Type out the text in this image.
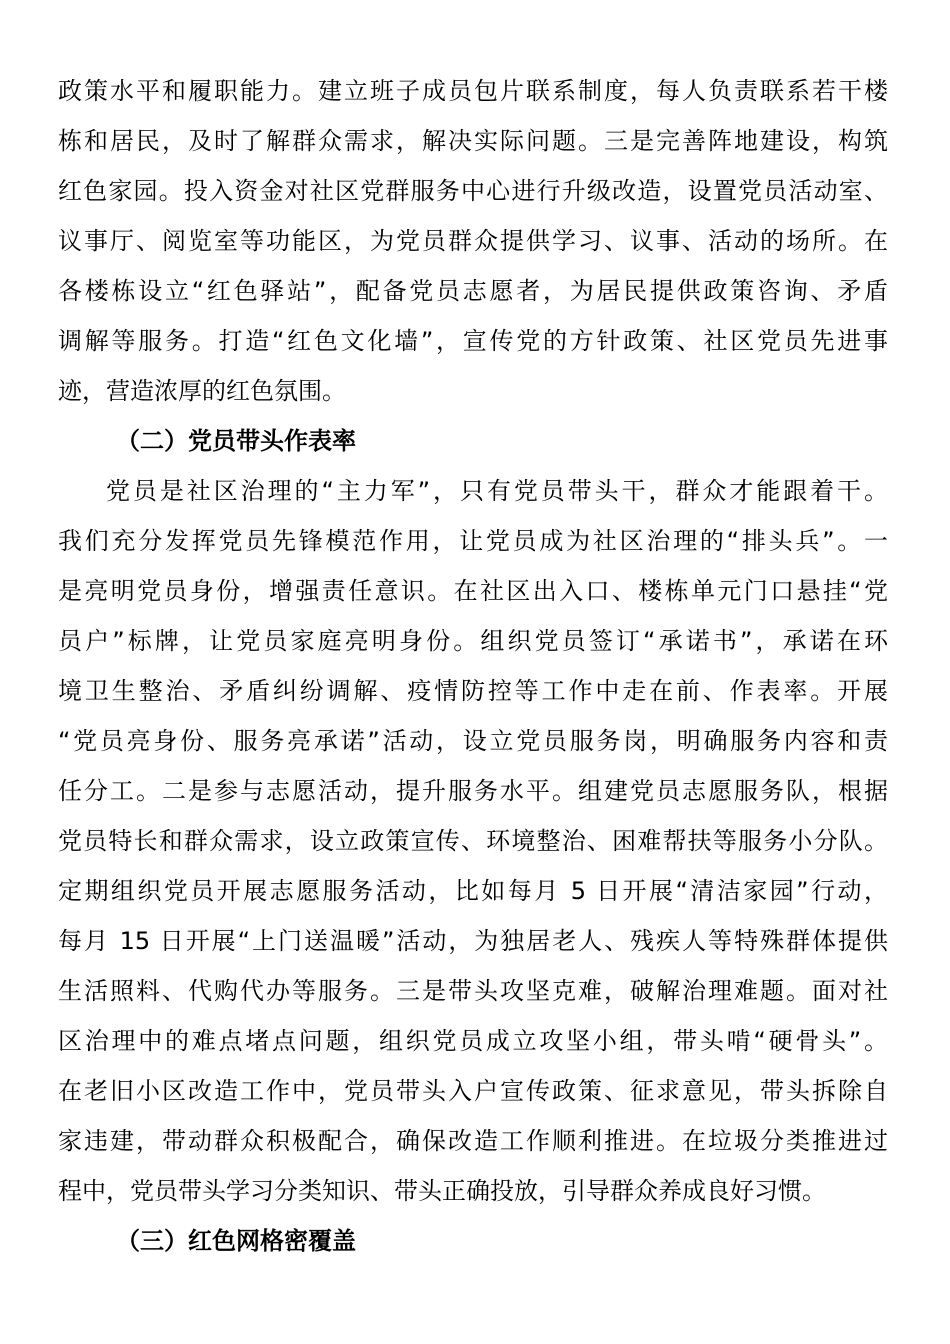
政策水平和履职能力。建立班子成员包片联系制度，每人负责联系若干楼
栋和居民，及时了解群众需求，解决实际问题。三是完善阵地建设，构筑
红色家园。投入资金对社区党群服务中心进行升级改造，设置党员活动室、
议事厅、阅览室等功能区，为党员群众提供学习、议事、活动的场所。在
各楼栋设立“红色驿站”，配备党员志愿者，为居民提供政策咨询、矛盾
调解等服务。打造“红色文化墙”，宣传党的方针政策、社区党员先进事
迹，营造浓厚的红色氛围。
（二）党员带头作表率
党员是社区治理的“主力军”，只有党员带头干，群众才能跟着干。
我们充分发挥党员先锋模范作用，让党员成为社区治理的“排头兵”。一
是亮明党员身份，增强责任意识。在社区出入口、楼栋单元门口悬挂“党
员户”标牌，让党员家庭亮明身份。组织党员签订“承诺书”，承诺在环
境卫生整治、矛盾纠纷调解、疫情防控等工作中走在前、作表率。开展
“党员亮身份、服务亮承诺”活动，设立党员服务岗，明确服务内容和责
任分工。二是参与志愿活动，提升服务水平。组建党员志愿服务队，根据
党员特长和群众需求，设立政策宣传、环境整治、困难帮扶等服务小分队。
定期组织党员开展志愿服务活动，比如每月 5 日开展“清洁家园”行动，
每月 15 日开展“上门送温暖”活动，为独居老人、残疾人等特殊群体提供
生活照料、代购代办等服务。三是带头攻坚克难，破解治理难题。面对社
区治理中的难点堵点问题，组织党员成立攻坚小组，带头啃“硬骨头”。
在老旧小区改造工作中，党员带头入户宣传政策、征求意见，带头拆除自
家违建，带动群众积极配合，确保改造工作顺利推进。在垃圾分类推进过
程中，党员带头学习分类知识、带头正确投放，引导群众养成良好习惯。
（三）红色网格密覆盖
